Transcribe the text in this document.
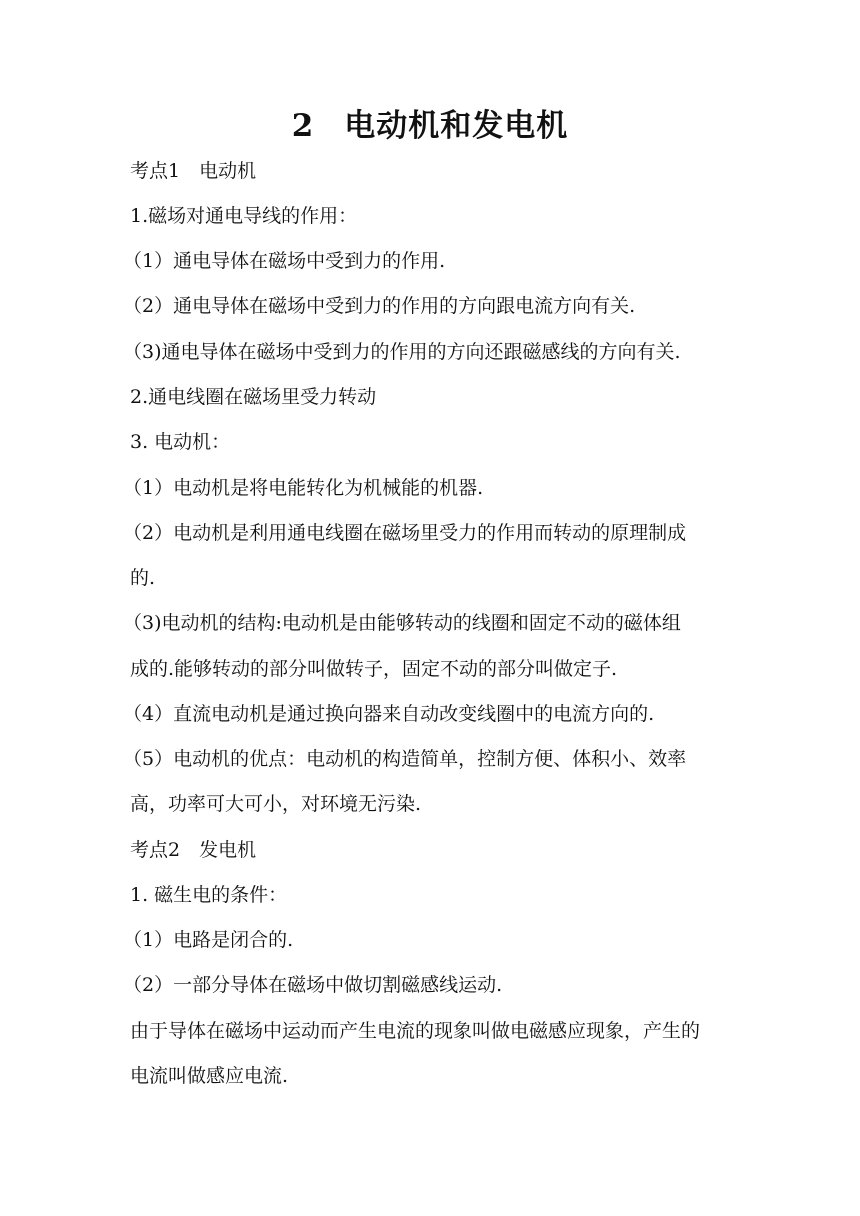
2 电动机和发电机
考点1　电动机
1.磁场对通电导线的作用：
（1）通电导体在磁场中受到力的作用.
（2）通电导体在磁场中受到力的作用的方向跟电流方向有关.
（3)通电导体在磁场中受到力的作用的方向还跟磁感线的方向有关.
2.通电线圈在磁场里受力转动
3. 电动机：
（1）电动机是将电能转化为机械能的机器.
（2）电动机是利用通电线圈在磁场里受力的作用而转动的原理制成
的.
（3)电动机的结构:电动机是由能够转动的线圈和固定不动的磁体组
成的.能够转动的部分叫做转子，固定不动的部分叫做定子.
（4）直流电动机是通过换向器来自动改变线圈中的电流方向的.
（5）电动机的优点：电动机的构造简单，控制方便、体积小、效率
高，功率可大可小，对环境无污染.
考点2　发电机
1. 磁生电的条件：
（1）电路是闭合的.
（2）一部分导体在磁场中做切割磁感线运动.
由于导体在磁场中运动而产生电流的现象叫做电磁感应现象，产生的
电流叫做感应电流.
